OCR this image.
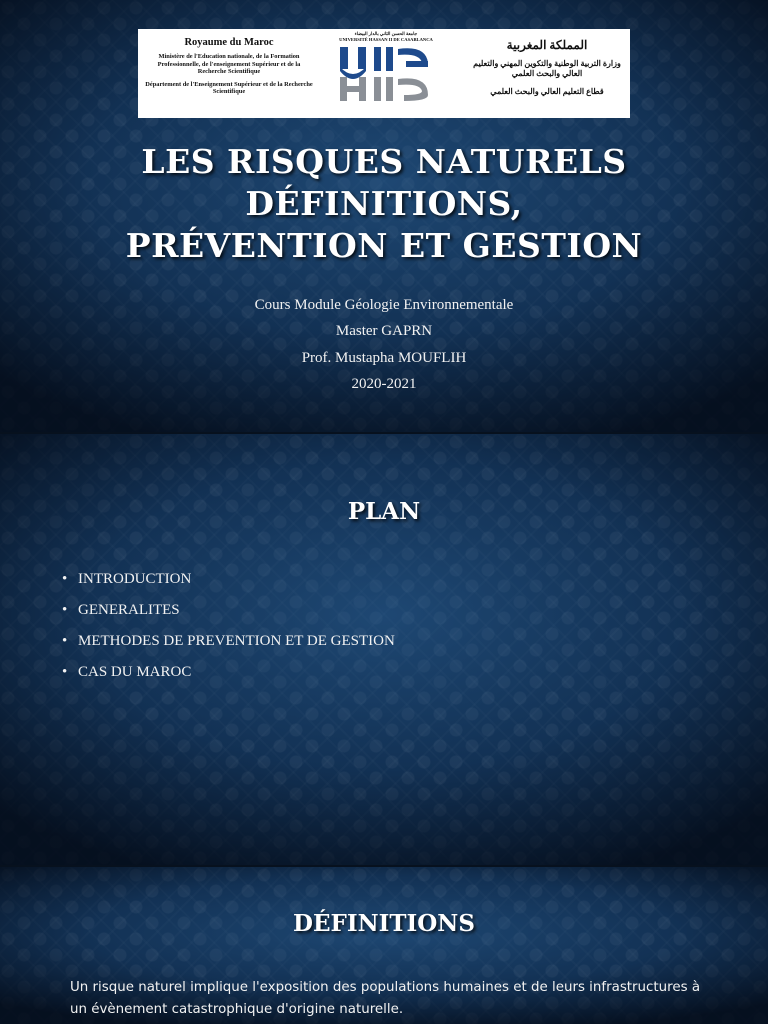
Royaume du Maroc
Ministère de l'Education nationale, de la Formation Professionnelle, de l'enseignement Supérieur et de la Recherche Scientifique
Département de l'Enseignement Supérieur et de la Recherche Scientifique
جامعة الحسن الثاني بالدار البيضاء
UNIVERSITÉ HASSAN II DE CASABLANCA	المملكة المغربية
وزارة التربية الوطنية والتكوين المهني والتعليم العالي والبحث العلمي
قطاع التعليم العالي والبحث العلمي
LES RISQUES NATURELS
DÉFINITIONS,
PRÉVENTION ET GESTION
Cours Module Géologie Environnementale
Master GAPRN
Prof. Mustapha MOUFLIH
2020-2021
PLAN
• INTRODUCTION
• GENERALITES
• METHODES DE PREVENTION ET DE GESTION
• CAS DU MAROC
DÉFINITIONS
Un risque naturel implique l'exposition des populations humaines et de leurs infrastructures à un évènement catastrophique d'origine naturelle.
